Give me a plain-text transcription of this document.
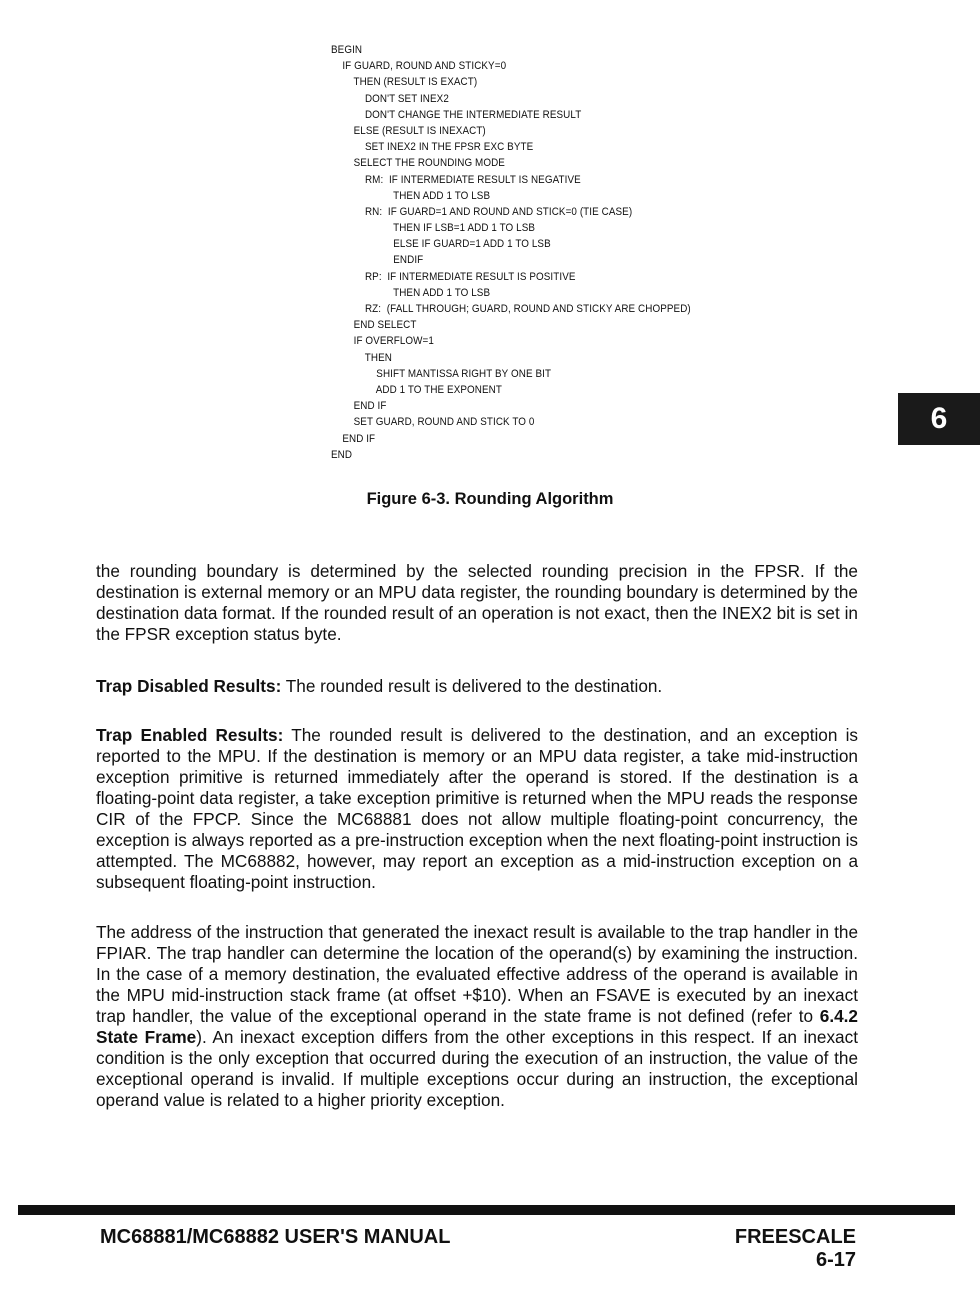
BEGIN
IF GUARD, ROUND AND STICKY=0
THEN (RESULT IS EXACT)
DON'T SET INEX2
DON'T CHANGE THE INTERMEDIATE RESULT
ELSE (RESULT IS INEXACT)
SET INEX2 IN THE FPSR EXC BYTE
SELECT THE ROUNDING MODE
RM:  IF INTERMEDIATE RESULT IS NEGATIVE
THEN ADD 1 TO LSB
RN:  IF GUARD=1 AND ROUND AND STICK=0 (TIE CASE)
THEN IF LSB=1 ADD 1 TO LSB
ELSE IF GUARD=1 ADD 1 TO LSB
ENDIF
RP:  IF INTERMEDIATE RESULT IS POSITIVE
THEN ADD 1 TO LSB
RZ:  (FALL THROUGH; GUARD, ROUND AND STICKY ARE CHOPPED)
END SELECT
IF OVERFLOW=1
THEN
SHIFT MANTISSA RIGHT BY ONE BIT
ADD 1 TO THE EXPONENT
END IF
SET GUARD, ROUND AND STICK TO 0
END IF
END
Figure 6-3. Rounding Algorithm
6
the rounding boundary is determined by the selected rounding precision in the FPSR. If the destination is external memory or an MPU data register, the rounding boundary is determined by the destination data format. If the rounded result of an operation is not exact, then the INEX2 bit is set in the FPSR exception status byte.
Trap Disabled Results: The rounded result is delivered to the destination.
Trap Enabled Results: The rounded result is delivered to the destination, and an exception is reported to the MPU. If the destination is memory or an MPU data register, a take mid-instruction exception primitive is returned immediately after the operand is stored. If the destination is a floating-point data register, a take exception primitive is returned when the MPU reads the response CIR of the FPCP. Since the MC68881 does not allow multiple floating-point concurrency, the exception is always reported as a pre-instruction exception when the next floating-point instruction is attempted. The MC68882, however, may report an exception as a mid-instruction exception on a subsequent floating-point instruction.
The address of the instruction that generated the inexact result is available to the trap handler in the FPIAR. The trap handler can determine the location of the operand(s) by examining the instruction. In the case of a memory destination, the evaluated effective address of the operand is available in the MPU mid-instruction stack frame (at offset +$10). When an FSAVE is executed by an inexact trap handler, the value of the exceptional operand in the state frame is not defined (refer to 6.4.2 State Frame). An inexact exception differs from the other exceptions in this respect. If an inexact condition is the only exception that occurred during the execution of an instruction, the value of the exceptional operand is invalid. If multiple exceptions occur during an instruction, the exceptional operand value is related to a higher priority exception.
MC68881/MC68882 USER'S MANUAL	FREESCALE
6-17
